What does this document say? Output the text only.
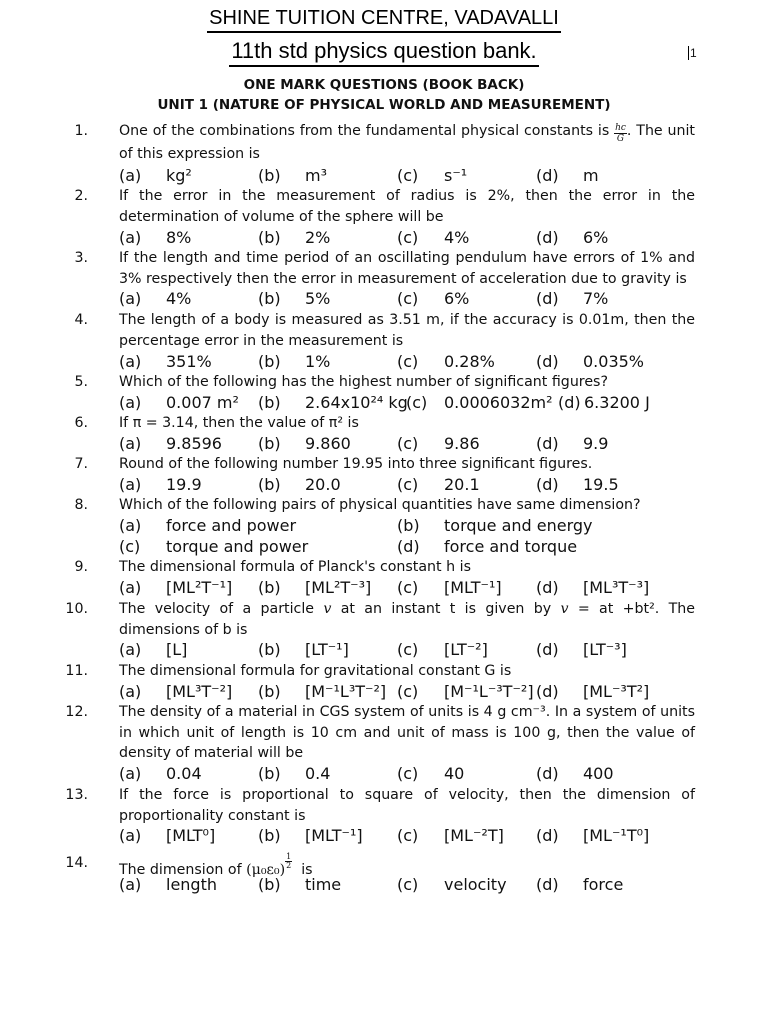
SHINE TUITION CENTRE, VADAVALLI
11th std physics question bank.	1
ONE MARK QUESTIONS (BOOK BACK)
UNIT 1 (NATURE OF PHYSICAL WORLD AND MEASUREMENT)
1. One of the combinations from the fundamental physical constants is $\frac{hc}{G}$ . The unit of this expression is
(a) kg²	(b) m³	(c) s⁻¹	(d) m
2. If the error in the measurement of radius is 2%, then the error in the determination of volume of the sphere will be
(a) 8%	(b) 2%	(c) 4%	(d) 6%
3. If the length and time period of an oscillating pendulum have errors of 1% and 3% respectively then the error in measurement of acceleration due to gravity is
(a) 4%	(b) 5%	(c) 6%	(d) 7%
4. The length of a body is measured as 3.51 m, if the accuracy is 0.01m, then the percentage error in the measurement is
(a) 351%	(b) 1%	(c) 0.28%	(d) 0.035%
5. Which of the following has the highest number of significant figures?
(a) 0.007 m² (b) 2.64x10²⁴ kg
(c) 0.0006032m² (d) 6.3200 J
6. If π = 3.14, then the value of π² is
(a) 9.8596 (b) 9.860	(c) 9.86	(d) 9.9
7. Round of the following number 19.95 into three significant figures.
(a) 19.9	(b) 20.0	(c) 20.1	(d) 19.5
8. Which of the following pairs of physical quantities have same dimension?
(a) force and power	(b) torque and energy
(c) torque and power	(d) force and torque
9. The dimensional formula of Planck's constant h is
(a) [ML²T⁻¹] (b) [ML²T⁻³] (c) [MLT⁻¹] (d) [ML³T⁻³]
10. The velocity of a particle v at an instant t is given by v = at +bt². The dimensions of b is
(a) [L]	(b) [LT⁻¹]	(c) [LT⁻²]	(d) [LT⁻³]
11. The dimensional formula for gravitational constant G is
(a) [ML³T⁻²] (b) [M⁻¹L³T⁻²] (c) [M⁻¹L⁻³T⁻²] (d) [ML⁻³T²]
12. The density of a material in CGS system of units is 4 g cm⁻³. In a system of units in which unit of length is 10 cm and unit of mass is 100 g, then the value of density of material will be
(a) 0.04	(b) 0.4	(c) 40	(d) 400
13. If the force is proportional to square of velocity, then the dimension of proportionality constant is
(a) [MLT⁰]	(b) [MLT⁻¹] (c) [ML⁻²T] (d) [ML⁻¹T⁰]
14. The dimension of $(\mu_0\varepsilon_0) \frac{1}{2}$ is
(a) length	(b) time	(c) velocity (d) force
